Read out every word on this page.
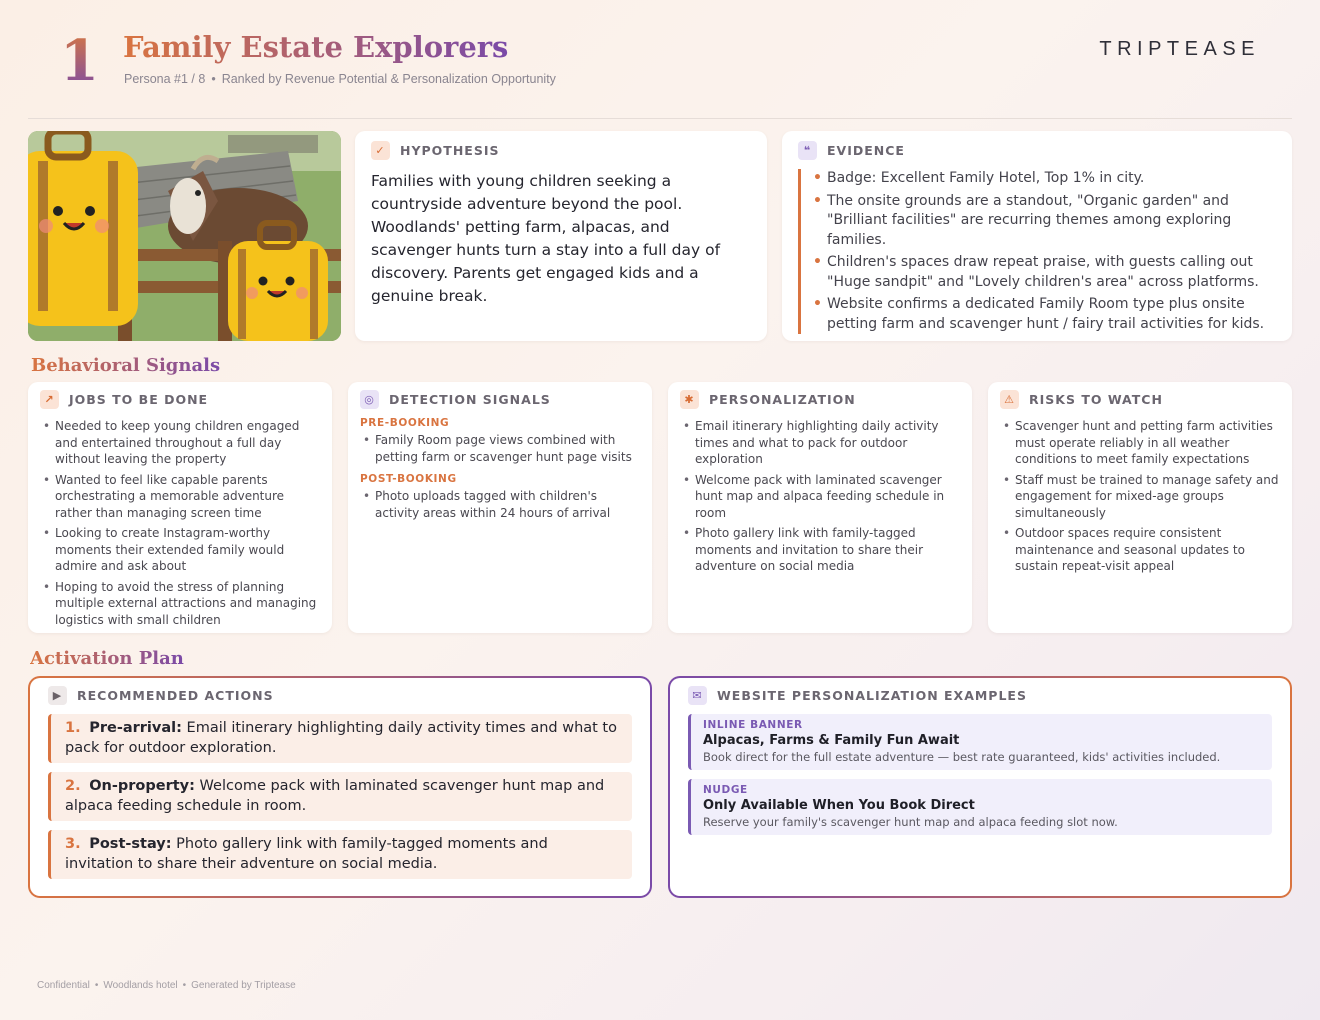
1 Family Estate Explorers
Persona #1 / 8 • Ranked by Revenue Potential & Personalization Opportunity
TRIPTEASE
✓	HYPOTHESIS
Families with young children seeking a countryside adventure beyond the pool. Woodlands' petting farm, alpacas, and scavenger hunts turn a stay into a full day of discovery. Parents get engaged kids and a genuine break.
❝	EVIDENCE
• Badge: Excellent Family Hotel, Top 1% in city.
• The onsite grounds are a standout, "Organic garden" and "Brilliant facilities" are recurring themes among exploring families.
• Children's spaces draw repeat praise, with guests calling out "Huge sandpit" and "Lovely children's area" across platforms.
• Website confirms a dedicated Family Room type plus onsite petting farm and scavenger hunt / fairy trail activities for kids.
Behavioral Signals
↗	JOBS TO BE DONE
• Needed to keep young children engaged and entertained throughout a full day without leaving the property
• Wanted to feel like capable parents orchestrating a memorable adventure rather than managing screen time
• Looking to create Instagram-worthy moments their extended family would admire and ask about
• Hoping to avoid the stress of planning multiple external attractions and managing logistics with small children
◎	DETECTION SIGNALS
PRE-BOOKING
• Family Room page views combined with petting farm or scavenger hunt page visits
POST-BOOKING
• Photo uploads tagged with children's activity areas within 24 hours of arrival
✱	PERSONALIZATION
• Email itinerary highlighting daily activity times and what to pack for outdoor exploration
• Welcome pack with laminated scavenger hunt map and alpaca feeding schedule in room
• Photo gallery link with family-tagged moments and invitation to share their adventure on social media
⚠	RISKS TO WATCH
• Scavenger hunt and petting farm activities must operate reliably in all weather conditions to meet family expectations
• Staff must be trained to manage safety and engagement for mixed-age groups simultaneously
• Outdoor spaces require consistent maintenance and seasonal updates to sustain repeat-visit appeal
Activation Plan
▶	RECOMMENDED ACTIONS
1. Pre-arrival: Email itinerary highlighting daily activity times and what to pack for outdoor exploration.
2. On-property: Welcome pack with laminated scavenger hunt map and alpaca feeding schedule in room.
3. Post-stay: Photo gallery link with family-tagged moments and invitation to share their adventure on social media.
✉	WEBSITE PERSONALIZATION EXAMPLES
INLINE BANNER
Alpacas, Farms & Family Fun Await
Book direct for the full estate adventure — best rate guaranteed, kids' activities included.
NUDGE
Only Available When You Book Direct
Reserve your family's scavenger hunt map and alpaca feeding slot now.
Confidential • Woodlands hotel • Generated by Triptease
